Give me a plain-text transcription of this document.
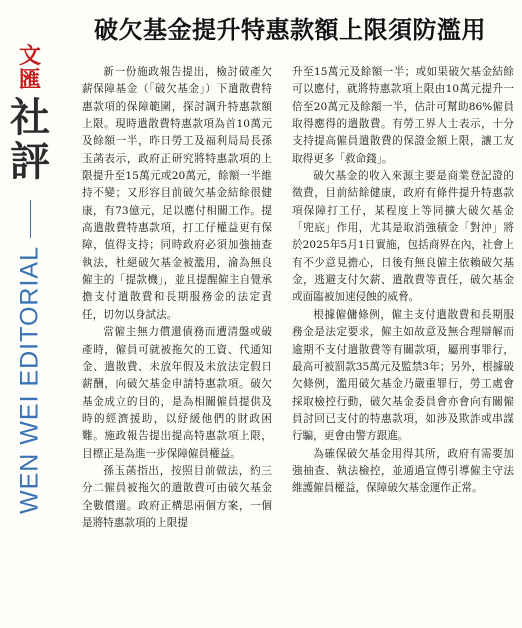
文匯
社評
WEN WEI EDITORIAL
破欠基金提升特惠款額上限須防濫用

新一份施政報告提出，檢討破產欠薪保障基金（「破欠基金」）下遣散費特惠款項的保障範圍，探討調升特惠款額上限。現時遣散費特惠款項為首10萬元及餘額一半，昨日勞工及福利局局長孫玉菡表示，政府正研究將特惠款項的上限提升至15萬元或20萬元，餘額一半維持不變；又形容目前破欠基金結餘很健康，有73億元，足以應付相關工作。提高遣散費特惠款項，打工仔權益更有保障，值得支持；同時政府必須加強抽查執法，杜絕破欠基金被濫用，淪為無良僱主的「提款機」，並且提醒僱主自覺承擔支付遣散費和長期服務金的法定責任，切勿以身試法。

當僱主無力償還債務而遭清盤或破產時，僱員可就被拖欠的工資、代通知金、遣散費、未放年假及未放法定假日薪酬，向破欠基金申請特惠款項。破欠基金成立的目的，是為相關僱員提供及時的經濟援助，以紓緩他們的財政困難。施政報告提出提高特惠款項上限，目標正是為進一步保障僱員權益。

孫玉菡指出，按照目前做法，約三分二僱員被拖欠的遣散費可由破欠基金全數償還。政府正構思兩個方案，一個是將特惠款項的上限提

升至15萬元及餘額一半；或如果破欠基金結餘可以應付，就將特惠款項上限由10萬元提升一倍至20萬元及餘額一半，估計可幫助86%僱員取得應得的遣散費。有勞工界人士表示，十分支持提高僱員遣散費的保證金額上限，讓工友取得更多「救命錢」。

破欠基金的收入來源主要是商業登記證的徵費，目前結餘健康，政府有條件提升特惠款項保障打工仔，某程度上等同擴大破欠基金「兜底」作用，尤其是取消強積金「對沖」將於2025年5月1日實施，包括商界在內，社會上有不少意見擔心，日後有無良僱主依賴破欠基金，逃避支付欠薪、遣散費等責任，破欠基金或面臨被加速侵蝕的威脅。

根據僱傭條例，僱主支付遣散費和長期服務金是法定要求，僱主如故意及無合理辯解而逾期不支付遣散費等有關款項，屬刑事罪行，最高可被罰款35萬元及監禁3年；另外，根據破欠條例，濫用破欠基金乃嚴重罪行，勞工處會採取檢控行動，破欠基金委員會亦會向有關僱員討回已支付的特惠款項，如涉及欺詐或串謀行騙，更會由警方跟進。

為確保破欠基金用得其所，政府有需要加強抽查、執法檢控，並通過宣傳引導僱主守法維護僱員權益，保障破欠基金運作正常。
